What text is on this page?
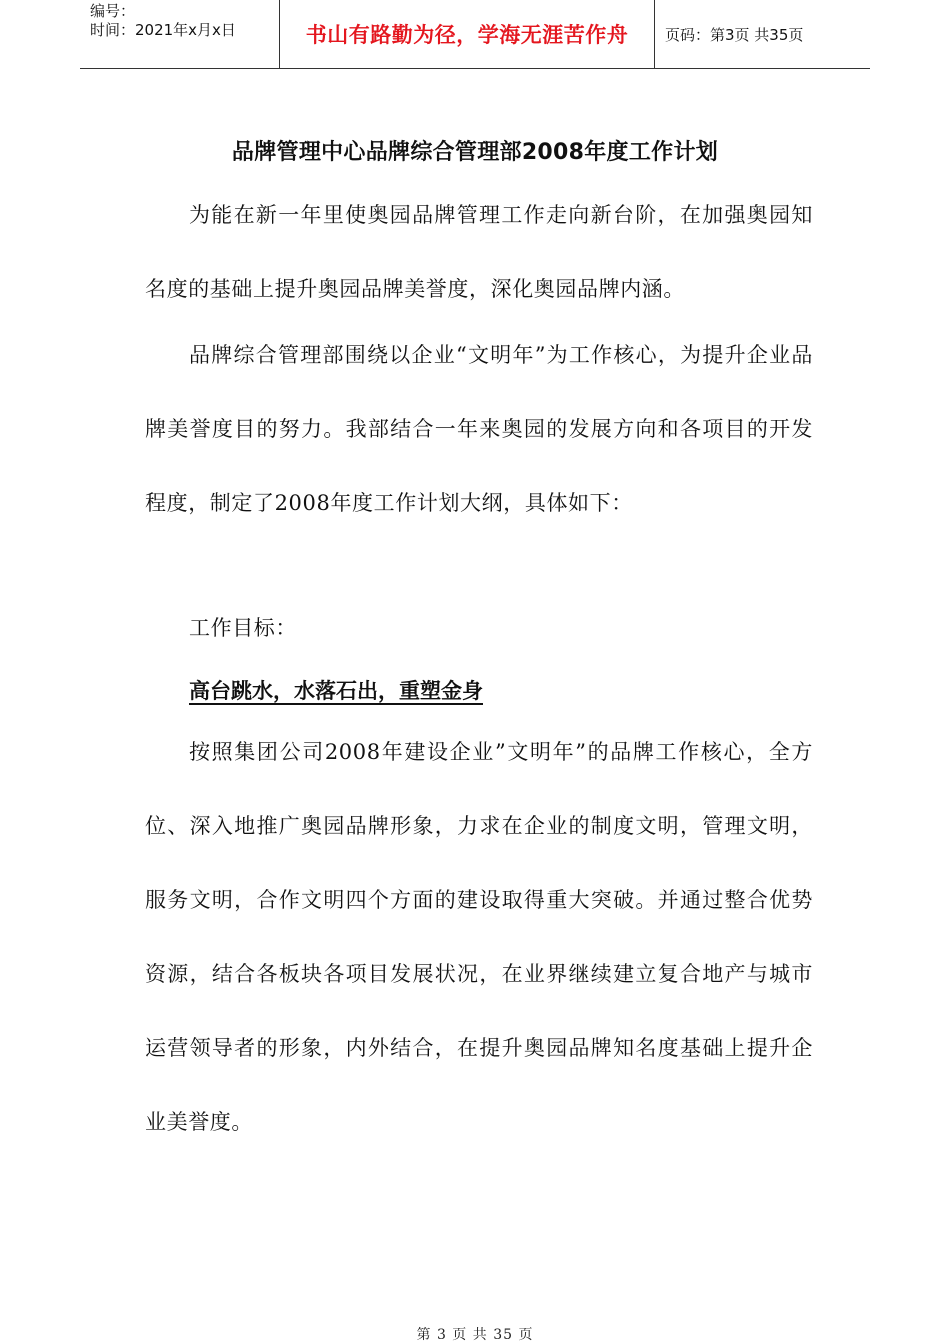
编号：
时间：2021年x月x日	书山有路勤为径，学海无涯苦作舟	页码：第3页 共35页
品牌管理中心品牌综合管理部2008年度工作计划
为能在新一年里使奥园品牌管理工作走向新台阶，在加强奥园知名度的基础上提升奥园品牌美誉度，深化奥园品牌内涵。
品牌综合管理部围绕以企业“文明年”为工作核心，为提升企业品牌美誉度目的努力。我部结合一年来奥园的发展方向和各项目的开发程度，制定了2008年度工作计划大纲，具体如下：
工作目标：
高台跳水，水落石出，重塑金身
按照集团公司2008年建设企业”文明年”的品牌工作核心，全方位、深入地推广奥园品牌形象，力求在企业的制度文明，管理文明，服务文明，合作文明四个方面的建设取得重大突破。并通过整合优势资源，结合各板块各项目发展状况，在业界继续建立复合地产与城市运营领导者的形象，内外结合，在提升奥园品牌知名度基础上提升企业美誉度。
第 3 页 共 35 页
